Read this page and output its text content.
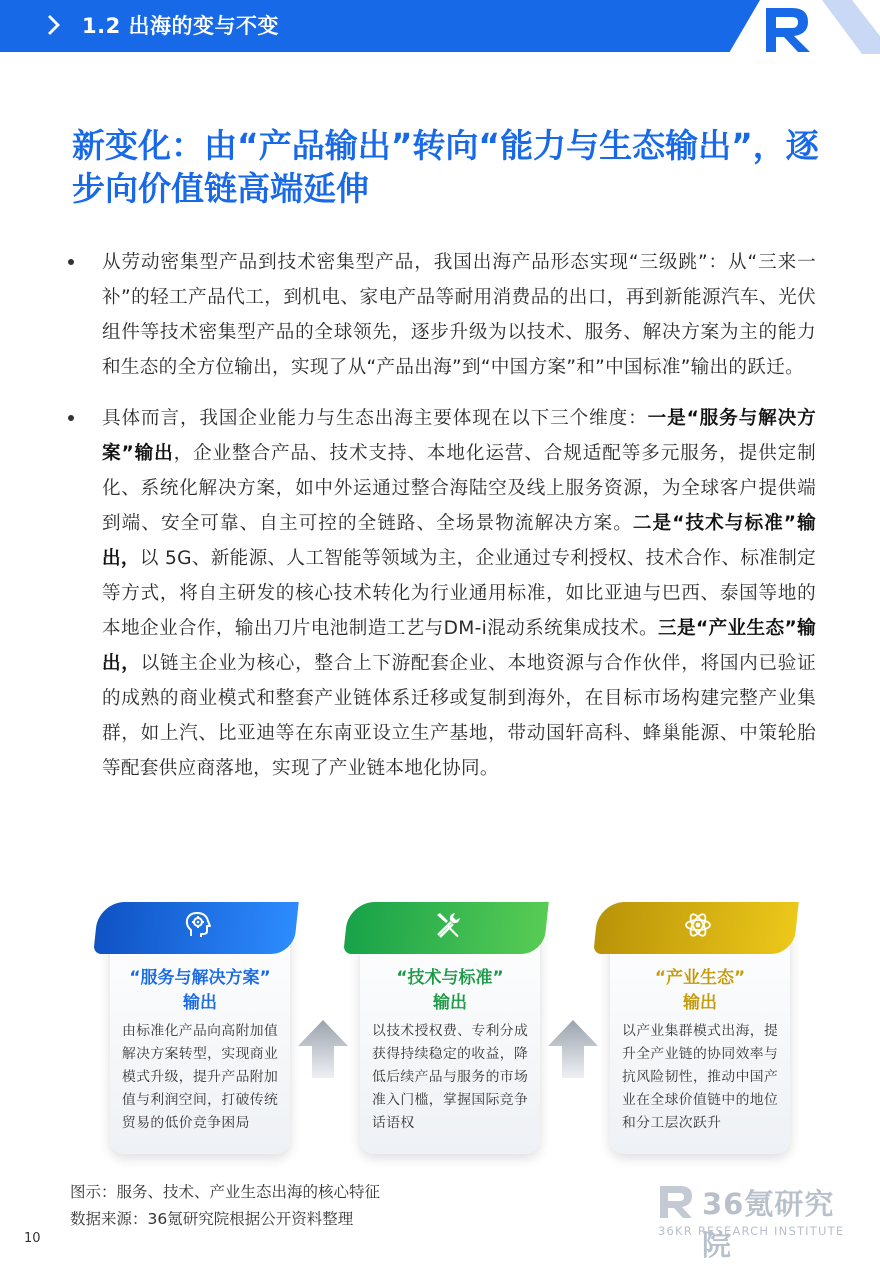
1.2 出海的变与不变
新变化：由“产品输出”转向“能力与生态输出”，逐步向价值链高端延伸
从劳动密集型产品到技术密集型产品，我国出海产品形态实现“三级跳”：从“三来一补”的轻工产品代工，到机电、家电产品等耐用消费品的出口，再到新能源汽车、光伏组件等技术密集型产品的全球领先，逐步升级为以技术、服务、解决方案为主的能力和生态的全方位输出，实现了从“产品出海”到“中国方案”和”中国标准”输出的跃迁。
具体而言，我国企业能力与生态出海主要体现在以下三个维度：一是“服务与解决方案”输出，企业整合产品、技术支持、本地化运营、合规适配等多元服务，提供定制化、系统化解决方案，如中外运通过整合海陆空及线上服务资源，为全球客户提供端到端、安全可靠、自主可控的全链路、全场景物流解决方案。二是“技术与标准”输出，以 5G、新能源、人工智能等领域为主，企业通过专利授权、技术合作、标准制定等方式，将自主研发的核心技术转化为行业通用标准，如比亚迪与巴西、泰国等地的本地企业合作，输出刀片电池制造工艺与DM-i混动系统集成技术。三是“产业生态”输出，以链主企业为核心，整合上下游配套企业、本地资源与合作伙伴，将国内已验证的成熟的商业模式和整套产业链体系迁移或复制到海外，在目标市场构建完整产业集群，如上汽、比亚迪等在东南亚设立生产基地，带动国轩高科、蜂巢能源、中策轮胎等配套供应商落地，实现了产业链本地化协同。
“服务与解决方案”
输出
由标准化产品向高附加值解决方案转型，实现商业模式升级，提升产品附加值与利润空间，打破传统贸易的低价竞争困局
“技术与标准”
输出
以技术授权费、专利分成获得持续稳定的收益，降低后续产品与服务的市场准入门槛，掌握国际竞争话语权
“产业生态”
输出
以产业集群模式出海，提升全产业链的协同效率与抗风险韧性，推动中国产业在全球价值链中的地位和分工层次跃升
图示：服务、技术、产业生态出海的核心特征
数据来源：36氪研究院根据公开资料整理
10
36氪研究院
36KR RESEARCH INSTITUTE
